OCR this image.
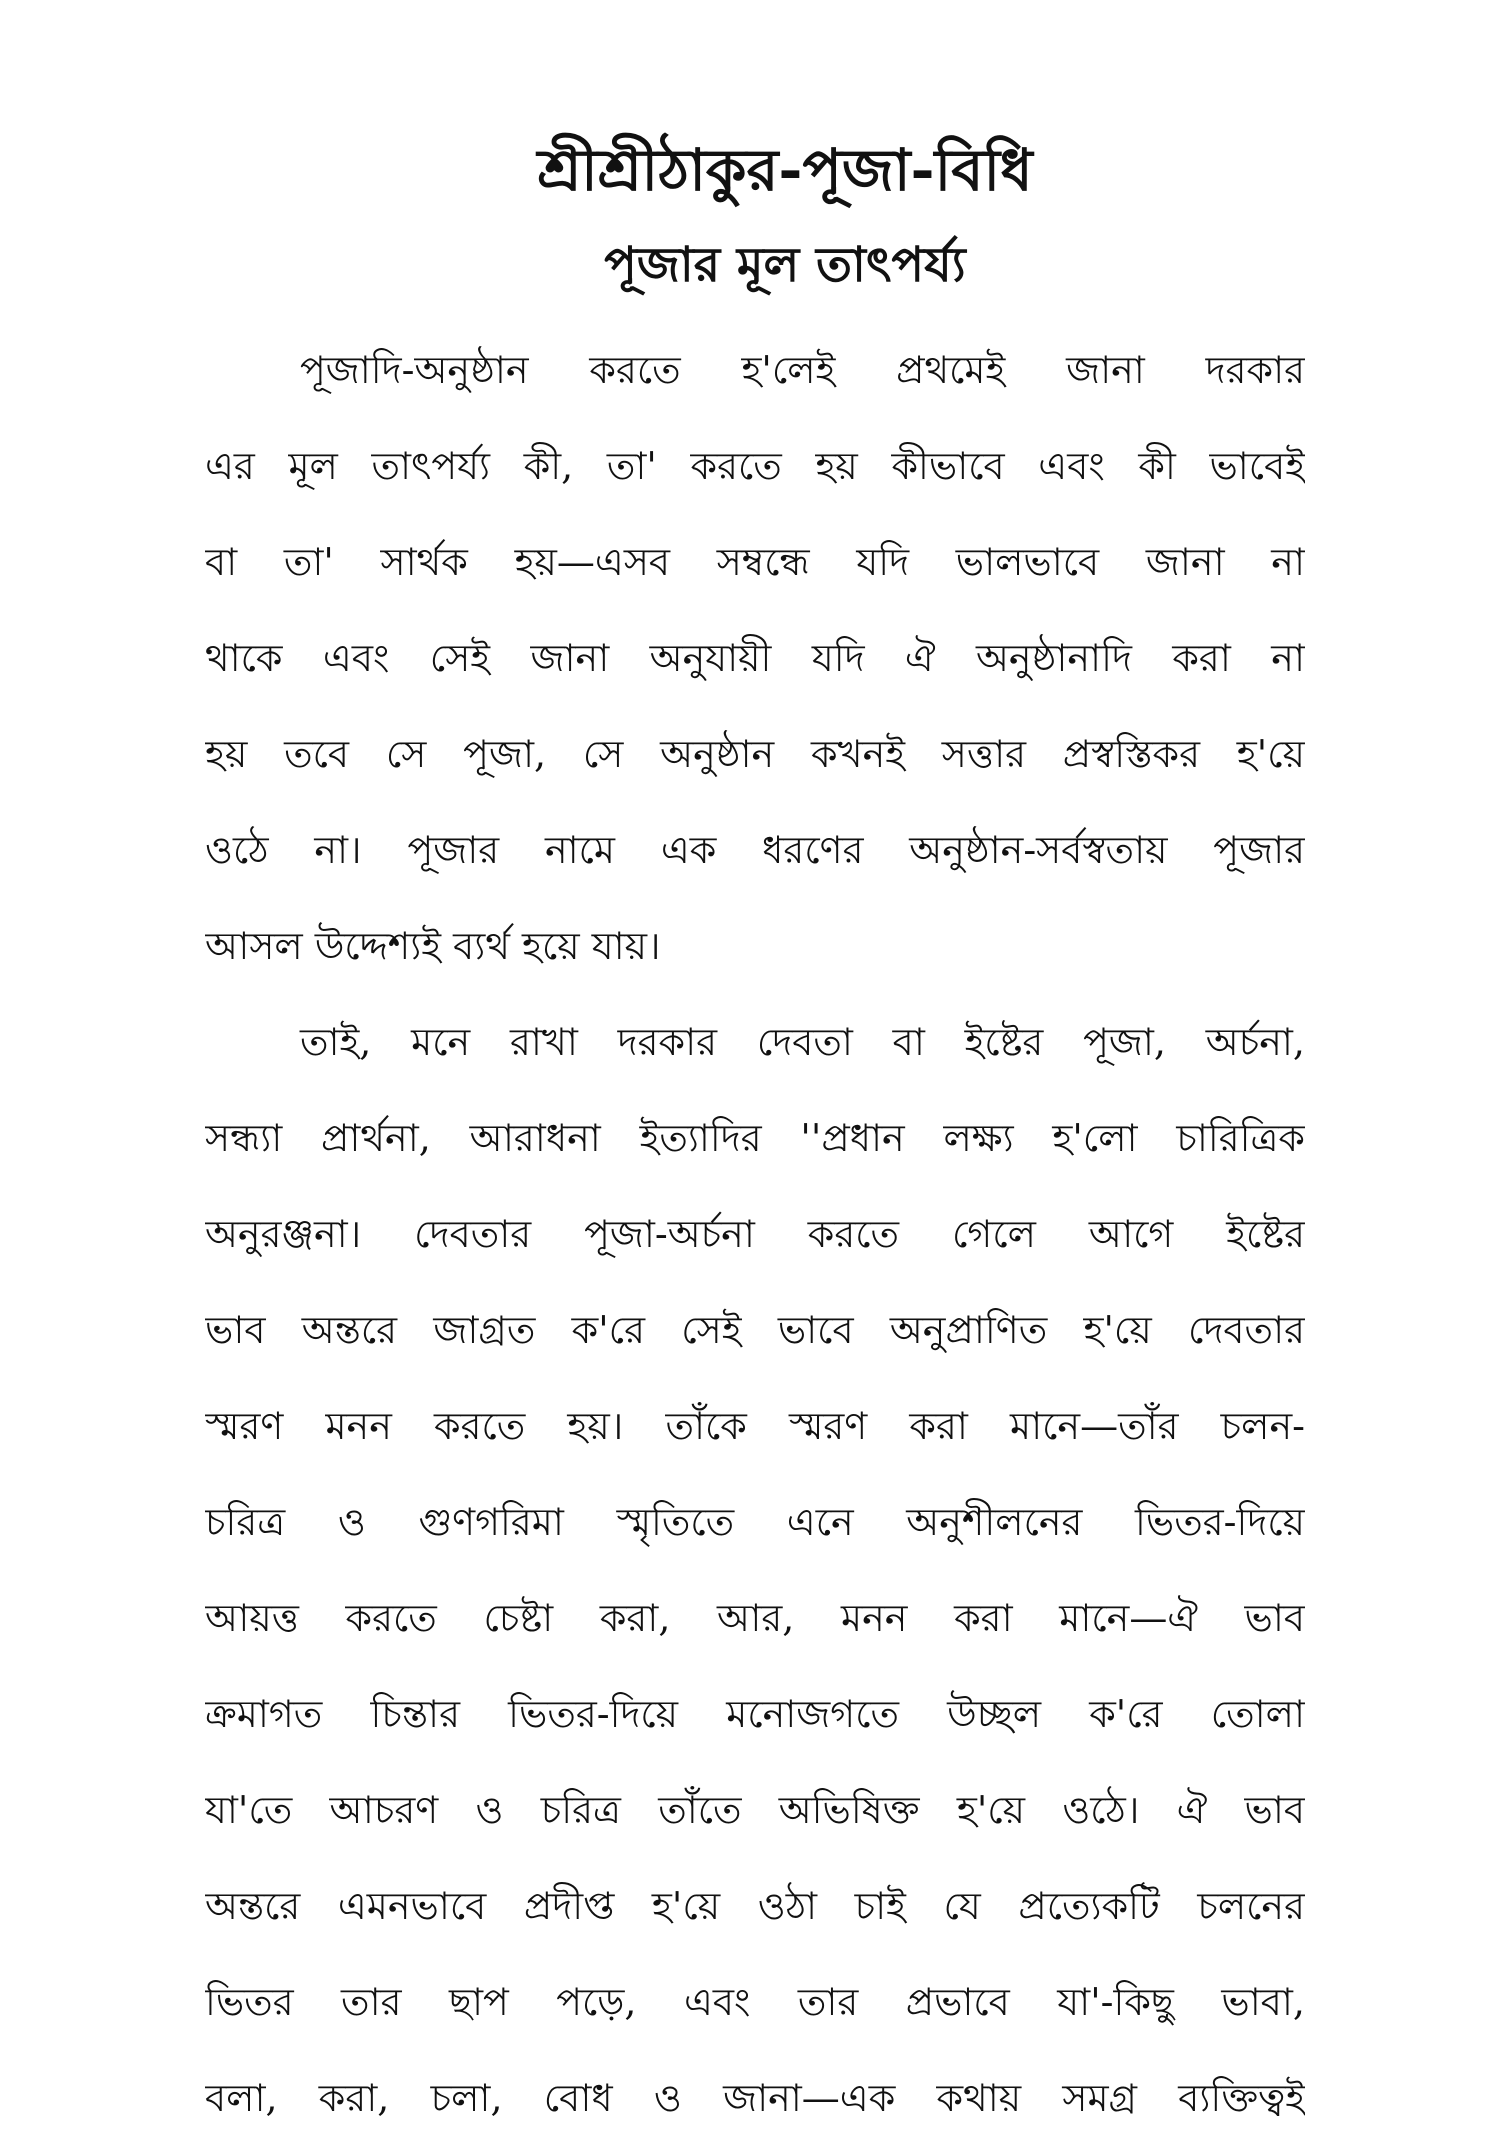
শ্রীশ্রীঠাকুর-পূজা-বিধি
পূজার মূল তাৎপর্য্য

পূজাদি-অনুষ্ঠান করতে হ'লেই প্রথমেই জানা দরকার
এর মূল তাৎপর্য্য কী, তা' করতে হয় কীভাবে এবং কী ভাবেই
বা তা' সার্থক হয়—এসব সম্বন্ধে যদি ভালভাবে জানা না
থাকে এবং সেই জানা অনুযায়ী যদি ঐ অনুষ্ঠানাদি করা না
হয় তবে সে পূজা, সে অনুষ্ঠান কখনই সত্তার প্রস্বস্তিকর হ'য়ে
ওঠে না। পূজার নামে এক ধরণের অনুষ্ঠান-সর্বস্বতায় পূজার
আসল উদ্দেশ্যই ব্যর্থ হয়ে যায়।

তাই, মনে রাখা দরকার দেবতা বা ইষ্টের পূজা, অর্চনা,
সন্ধ্যা প্রার্থনা, আরাধনা ইত্যাদির ''প্রধান লক্ষ্য হ'লো চারিত্রিক
অনুরঞ্জনা। দেবতার পূজা-অর্চনা করতে গেলে আগে ইষ্টের
ভাব অন্তরে জাগ্রত ক'রে সেই ভাবে অনুপ্রাণিত হ'য়ে দেবতার
স্মরণ মনন করতে হয়। তাঁকে স্মরণ করা মানে—তাঁর চলন-
চরিত্র ও গুণগরিমা স্মৃতিতে এনে অনুশীলনের ভিতর-দিয়ে
আয়ত্ত করতে চেষ্টা করা, আর, মনন করা মানে—ঐ ভাব
ক্রমাগত চিন্তার ভিতর-দিয়ে মনোজগতে উচ্ছল ক'রে তোলা
যা'তে আচরণ ও চরিত্র তাঁতে অভিষিক্ত হ'য়ে ওঠে। ঐ ভাব
অন্তরে এমনভাবে প্রদীপ্ত হ'য়ে ওঠা চাই যে প্রত্যেকটি চলনের
ভিতর তার ছাপ পড়ে, এবং তার প্রভাবে যা'-কিছু ভাবা,
বলা, করা, চলা, বোধ ও জানা—এক কথায় সমগ্র ব্যক্তিত্বই
